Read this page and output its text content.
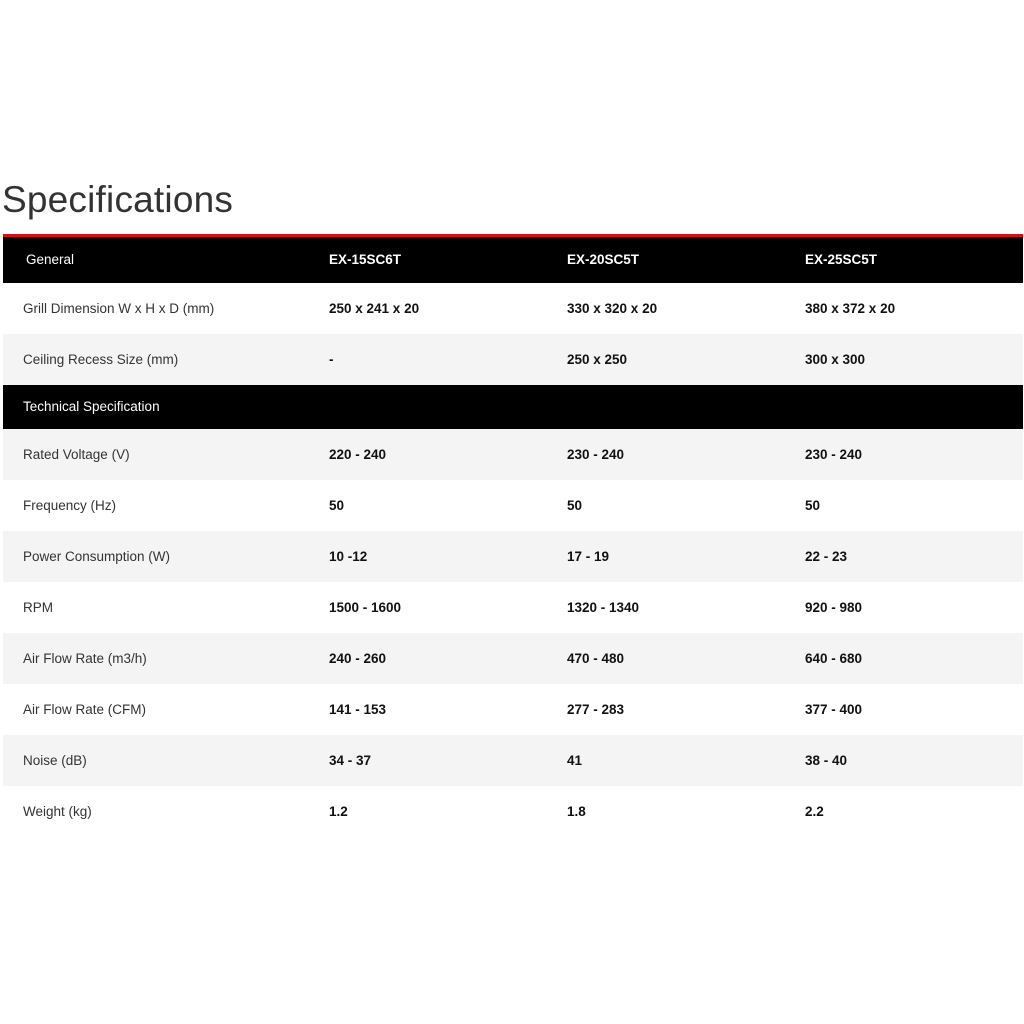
Specifications
General	EX-15SC6T	EX-20SC5T	EX-25SC5T
Grill Dimension W x H x D (mm)	250 x 241 x 20	330 x 320 x 20	380 x 372 x 20
Ceiling Recess Size (mm)	-	250 x 250	300 x 300
Technical Specification			
Rated Voltage (V)	220 - 240	230 - 240	230 - 240
Frequency (Hz)	50	50	50
Power Consumption (W)	10 -12	17 - 19	22 - 23
RPM	1500 - 1600	1320 - 1340	920 - 980
Air Flow Rate (m3/h)	240 - 260	470 - 480	640 - 680
Air Flow Rate (CFM)	141 - 153	277 - 283	377 - 400
Noise (dB)	34 - 37	41	38 - 40
Weight (kg)	1.2	1.8	2.2
